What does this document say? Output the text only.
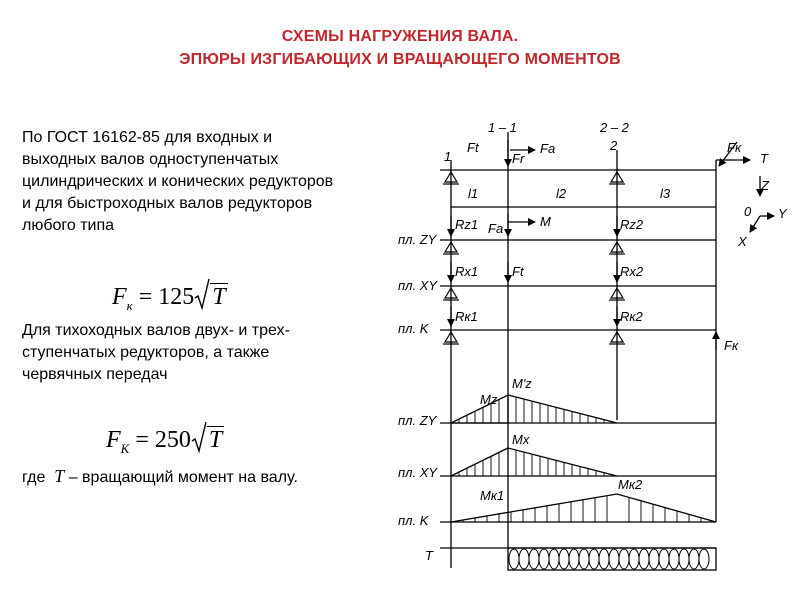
СХЕМЫ НАГРУЖЕНИЯ ВАЛА.
ЭПЮРЫ ИЗГИБАЮЩИХ И ВРАЩАЮЩЕГО МОМЕНТОВ
По ГОСТ 16162-85 для входных и
выходных валов одноступенчатых
цилиндрических и конических редукторов
и для быстроходных валов редукторов
любого типа
$F_к = 125$ T
Для тихоходных валов двух- и трех-
ступенчатых редукторов, а также
червячных передач
$F_K = 250$ T
где T – вращающий момент на валу.
1 – 1	2 – 2
1
2
Ft
Fr
Fa	Fк
T
l1	l2	l3
Z
Y
X
0
Rz1	Rz2
Fa	M
Rx1	Rx2
Ft
Rк1	Rк2
Fк
Mz
M'z
Mx
Mк1
Mк2
пл. ZY
пл. XY
пл. K
пл. ZY
пл. XY
пл. K
T
